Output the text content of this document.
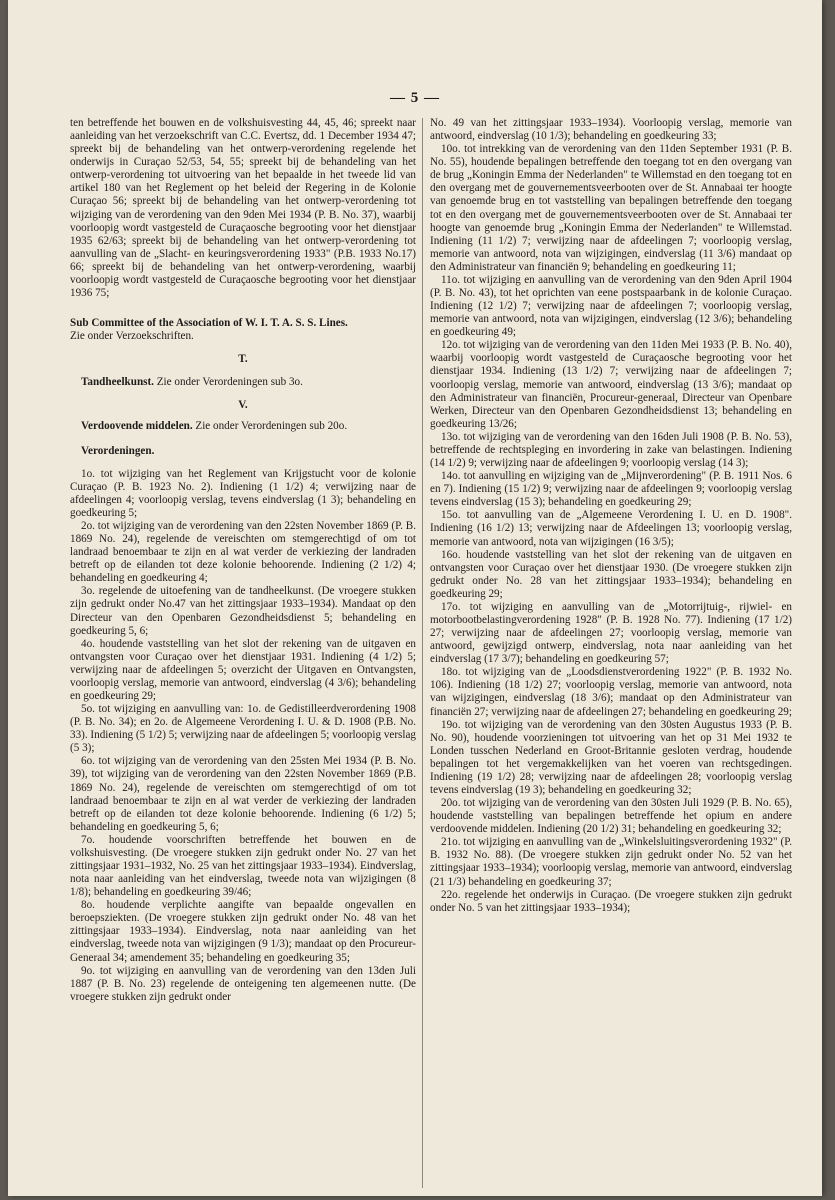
— 5 —

ten betreffende het bouwen en de volkshuisvesting 44, 45, 46; spreekt naar aanleiding van het verzoekschrift van C.C. Evertsz, dd. 1 December 1934 47; spreekt bij de behandeling van het ontwerp-verordening regelende het onderwijs in Curaçao 52/53, 54, 55; spreekt bij de behandeling van het ontwerp-verordening tot uitvoering van het bepaalde in het tweede lid van artikel 180 van het Reglement op het beleid der Regering in de Kolonie Curaçao 56; spreekt bij de behandeling van het ontwerp-verordening tot wijziging van de verordening van den 9den Mei 1934 (P. B. No. 37), waarbij voorloopig wordt vastgesteld de Curaçaosche begrooting voor het dienstjaar 1935 62/63; spreekt bij de behandeling van het ontwerp-verordening tot aanvulling van de „Slacht- en keuringsverordening 1933" (P.B. 1933 No.17) 66; spreekt bij de behandeling van het ontwerp-verordening, waarbij voorloopig wordt vastgesteld de Curaçaosche begrooting voor het dienstjaar 1936 75;

Sub Committee of the Association of W. I. T. A. S. S. Lines.

Zie onder Verzoekschriften.

T.

Tandheelkunst. Zie onder Verordeningen sub 3o.

V.

Verdoovende middelen. Zie onder Verordeningen sub 20o.

Verordeningen.

1o. tot wijziging van het Reglement van Krijgstucht voor de kolonie Curaçao (P. B. 1923 No. 2). Indiening (1 1/2) 4; verwijzing naar de afdeelingen 4; voorloopig verslag, tevens eindverslag (1 3); behandeling en goedkeuring 5;

2o. tot wijziging van de verordening van den 22sten November 1869 (P. B. 1869 No. 24), regelende de vereischten om stemgerechtigd of om tot landraad benoembaar te zijn en al wat verder de verkiezing der landraden betreft op de eilanden tot deze kolonie behoorende. Indiening (2 1/2) 4; behandeling en goedkeuring 4;

3o. regelende de uitoefening van de tandheelkunst. (De vroegere stukken zijn gedrukt onder No.47 van het zittingsjaar 1933–1934). Mandaat op den Directeur van den Openbaren Gezondheidsdienst 5; behandeling en goedkeuring 5, 6;

4o. houdende vaststelling van het slot der rekening van de uitgaven en ontvangsten voor Curaçao over het dienstjaar 1931. Indiening (4 1/2) 5; verwijzing naar de afdeelingen 5; overzicht der Uitgaven en Ontvangsten, voorloopig verslag, memorie van antwoord, eindverslag (4 3/6); behandeling en goedkeuring 29;

5o. tot wijziging en aanvulling van: 1o. de Gedistilleerdverordening 1908 (P. B. No. 34); en 2o. de Algemeene Verordening I. U. & D. 1908 (P.B. No. 33). Indiening (5 1/2) 5; verwijzing naar de afdeelingen 5; voorloopig verslag (5 3);

6o. tot wijziging van de verordening van den 25sten Mei 1934 (P. B. No. 39), tot wijziging van de verordening van den 22sten November 1869 (P.B. 1869 No. 24), regelende de vereischten om stemgerechtigd of om tot landraad benoembaar te zijn en al wat verder de verkiezing der landraden betreft op de eilanden tot deze kolonie behoorende. Indiening (6 1/2) 5; behandeling en goedkeuring 5, 6;

7o. houdende voorschriften betreffende het bouwen en de volkshuisvesting. (De vroegere stukken zijn gedrukt onder No. 27 van het zittingsjaar 1931–1932, No. 25 van het zittingsjaar 1933–1934). Eindverslag, nota naar aanleiding van het eindverslag, tweede nota van wijzigingen (8 1/8); behandeling en goedkeuring 39/46;

8o. houdende verplichte aangifte van bepaalde ongevallen en beroepsziekten. (De vroegere stukken zijn gedrukt onder No. 48 van het zittingsjaar 1933–1934). Eindverslag, nota naar aanleiding van het eindverslag, tweede nota van wijzigingen (9 1/3); mandaat op den Procureur-Generaal 34; amendement 35; behandeling en goedkeuring 35;

9o. tot wijziging en aanvulling van de verordening van den 13den Juli 1887 (P. B. No. 23) regelende de onteigening ten algemeenen nutte. (De vroegere stukken zijn gedrukt onder

No. 49 van het zittingsjaar 1933–1934). Voorloopig verslag, memorie van antwoord, eindverslag (10 1/3); behandeling en goedkeuring 33;

10o. tot intrekking van de verordening van den 11den September 1931 (P. B. No. 55), houdende bepalingen betreffende den toegang tot en den overgang van de brug „Koningin Emma der Nederlanden" te Willemstad en den toegang tot en den overgang met de gouvernementsveerbooten over de St. Annabaai ter hoogte van genoemde brug en tot vaststelling van bepalingen betreffende den toegang tot en den overgang met de gouvernementsveerbooten over de St. Annabaai ter hoogte van genoemde brug „Koningin Emma der Nederlanden" te Willemstad. Indiening (11 1/2) 7; verwijzing naar de afdeelingen 7; voorloopig verslag, memorie van antwoord, nota van wijzigingen, eindverslag (11 3/6) mandaat op den Administrateur van financiën 9; behandeling en goedkeuring 11;

11o. tot wijziging en aanvulling van de verordening van den 9den April 1904 (P. B. No. 43), tot het oprichten van eene postspaarbank in de kolonie Curaçao. Indiening (12 1/2) 7; verwijzing naar de afdeelingen 7; voorloopig verslag, memorie van antwoord, nota van wijzigingen, eindverslag (12 3/6); behandeling en goedkeuring 49;

12o. tot wijziging van de verordening van den 11den Mei 1933 (P. B. No. 40), waarbij voorloopig wordt vastgesteld de Curaçaosche begrooting voor het dienstjaar 1934. Indiening (13 1/2) 7; verwijzing naar de afdeelingen 7; voorloopig verslag, memorie van antwoord, eindverslag (13 3/6); mandaat op den Administrateur van financiën, Procureur-generaal, Directeur van Openbare Werken, Directeur van den Openbaren Gezondheidsdienst 13; behandeling en goedkeuring 13/26;

13o. tot wijziging van de verordening van den 16den Juli 1908 (P. B. No. 53), betreffende de rechtspleging en invordering in zake van belastingen. Indiening (14 1/2) 9; verwijzing naar de afdeelingen 9; voorloopig verslag (14 3);

14o. tot aanvulling en wijziging van de „Mijnverordening" (P. B. 1911 Nos. 6 en 7). Indiening (15 1/2) 9; verwijzing naar de afdeelingen 9; voorloopig verslag tevens eindverslag (15 3); behandeling en goedkeuring 29;

15o. tot aanvulling van de „Algemeene Verordening I. U. en D. 1908". Indiening (16 1/2) 13; verwijzing naar de Afdeelingen 13; voorloopig verslag, memorie van antwoord, nota van wijzigingen (16 3/5);

16o. houdende vaststelling van het slot der rekening van de uitgaven en ontvangsten voor Curaçao over het dienstjaar 1930. (De vroegere stukken zijn gedrukt onder No. 28 van het zittingsjaar 1933–1934); behandeling en goedkeuring 29;

17o. tot wijziging en aanvulling van de „Motorrijtuig-, rijwiel- en motorbootbelastingverordening 1928" (P. B. 1928 No. 77). Indiening (17 1/2) 27; verwijzing naar de afdeelingen 27; voorloopig verslag, memorie van antwoord, gewijzigd ontwerp, eindverslag, nota naar aanleiding van het eindverslag (17 3/7); behandeling en goedkeuring 57;

18o. tot wijziging van de „Loodsdienstverordening 1922" (P. B. 1932 No. 106). Indiening (18 1/2) 27; voorloopig verslag, memorie van antwoord, nota van wijzigingen, eindverslag (18 3/6); mandaat op den Administrateur van financiën 27; verwijzing naar de afdeelingen 27; behandeling en goedkeuring 29;

19o. tot wijziging van de verordening van den 30sten Augustus 1933 (P. B. No. 90), houdende voorzieningen tot uitvoering van het op 31 Mei 1932 te Londen tusschen Nederland en Groot-Britannie gesloten verdrag, houdende bepalingen tot het vergemakkelijken van het voeren van rechtsgedingen. Indiening (19 1/2) 28; verwijzing naar de afdeelingen 28; voorloopig verslag tevens eindverslag (19 3); behandeling en goedkeuring 32;

20o. tot wijziging van de verordening van den 30sten Juli 1929 (P. B. No. 65), houdende vaststelling van bepalingen betreffende het opium en andere verdoovende middelen. Indiening (20 1/2) 31; behandeling en goedkeuring 32;

21o. tot wijziging en aanvulling van de „Winkelsluitingsverordening 1932" (P. B. 1932 No. 88). (De vroegere stukken zijn gedrukt onder No. 52 van het zittingsjaar 1933–1934); voorloopig verslag, memorie van antwoord, eindverslag (21 1/3) behandeling en goedkeuring 37;

22o. regelende het onderwijs in Curaçao. (De vroegere stukken zijn gedrukt onder No. 5 van het zittingsjaar 1933–1934);
